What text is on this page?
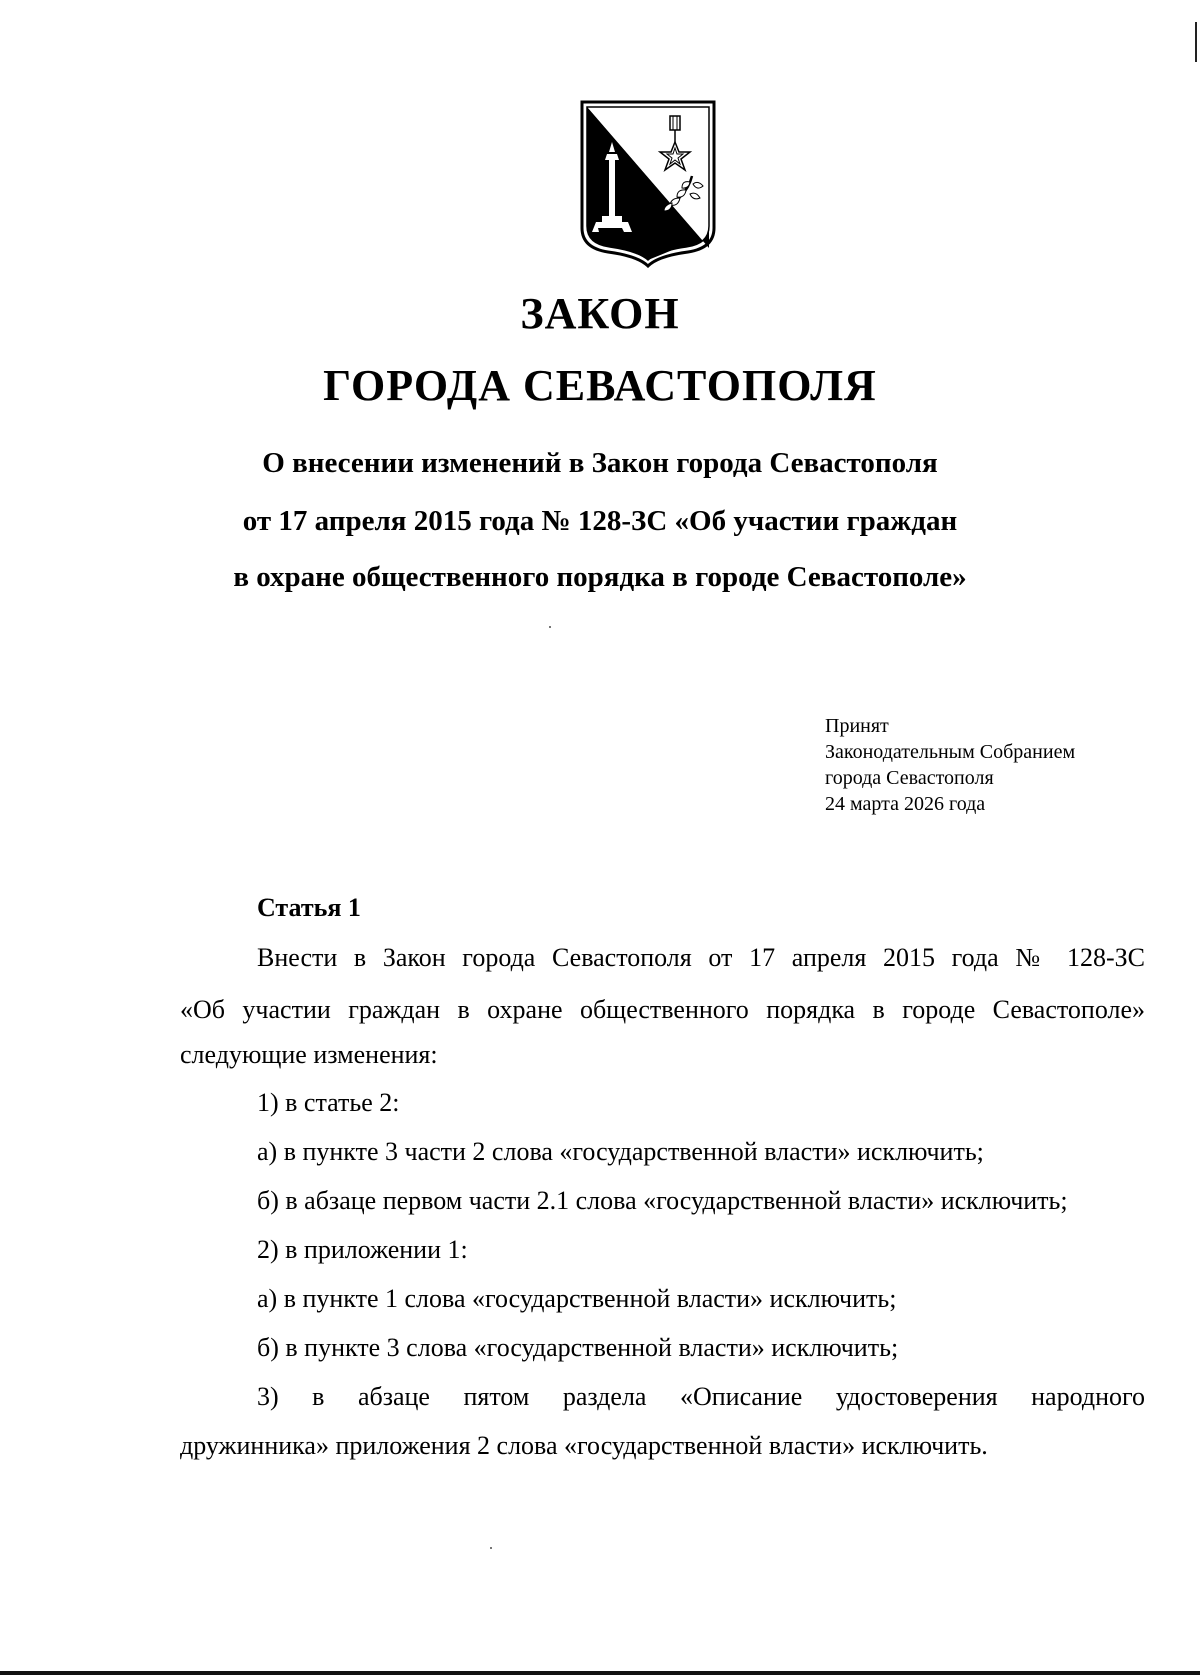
ЗАКОН
ГОРОДА СЕВАСТОПОЛЯ
О внесении изменений в Закон города Севастополя
от 17 апреля 2015 года № 128-ЗС «Об участии граждан
в охране общественного порядка в городе Севастополе»
Принят
Законодательным Собранием
города Севастополя
24 марта 2026 года
Статья 1
Внести в Закон города Севастополя от 17 апреля 2015 года № 128-ЗС
«Об участии граждан в охране общественного порядка в городе Севастополе»
следующие изменения:
1) в статье 2:
а) в пункте 3 части 2 слова «государственной власти» исключить;
б) в абзаце первом части 2.1 слова «государственной власти» исключить;
2) в приложении 1:
а) в пункте 1 слова «государственной власти» исключить;
б) в пункте 3 слова «государственной власти» исключить;
3) в абзаце пятом раздела «Описание удостоверения народного
дружинника» приложения 2 слова «государственной власти» исключить.
